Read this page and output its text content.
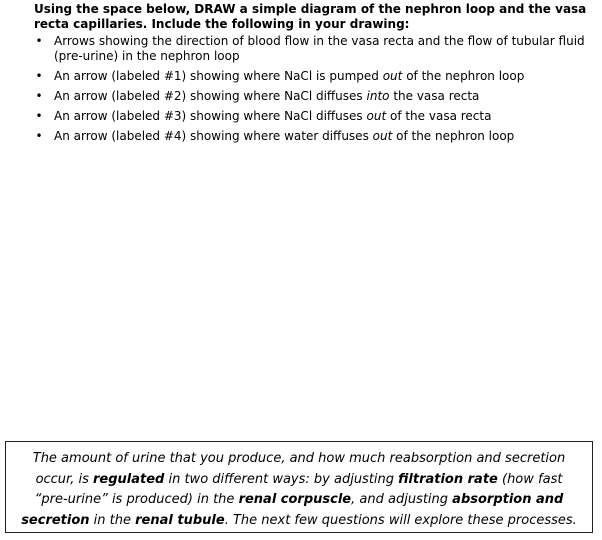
Using the space below, DRAW a simple diagram of the nephron loop and the vasa recta capillaries. Include the following in your drawing:

• Arrows showing the direction of blood flow in the vasa recta and the flow of tubular fluid (pre-urine) in the nephron loop
• An arrow (labeled #1) showing where NaCl is pumped out of the nephron loop
• An arrow (labeled #2) showing where NaCl diffuses into the vasa recta
• An arrow (labeled #3) showing where NaCl diffuses out of the vasa recta
• An arrow (labeled #4) showing where water diffuses out of the nephron loop
The amount of urine that you produce, and how much reabsorption and secretion occur, is regulated in two different ways: by adjusting filtration rate (how fast “pre-urine” is produced) in the renal corpuscle, and adjusting absorption and secretion in the renal tubule. The next few questions will explore these processes.
